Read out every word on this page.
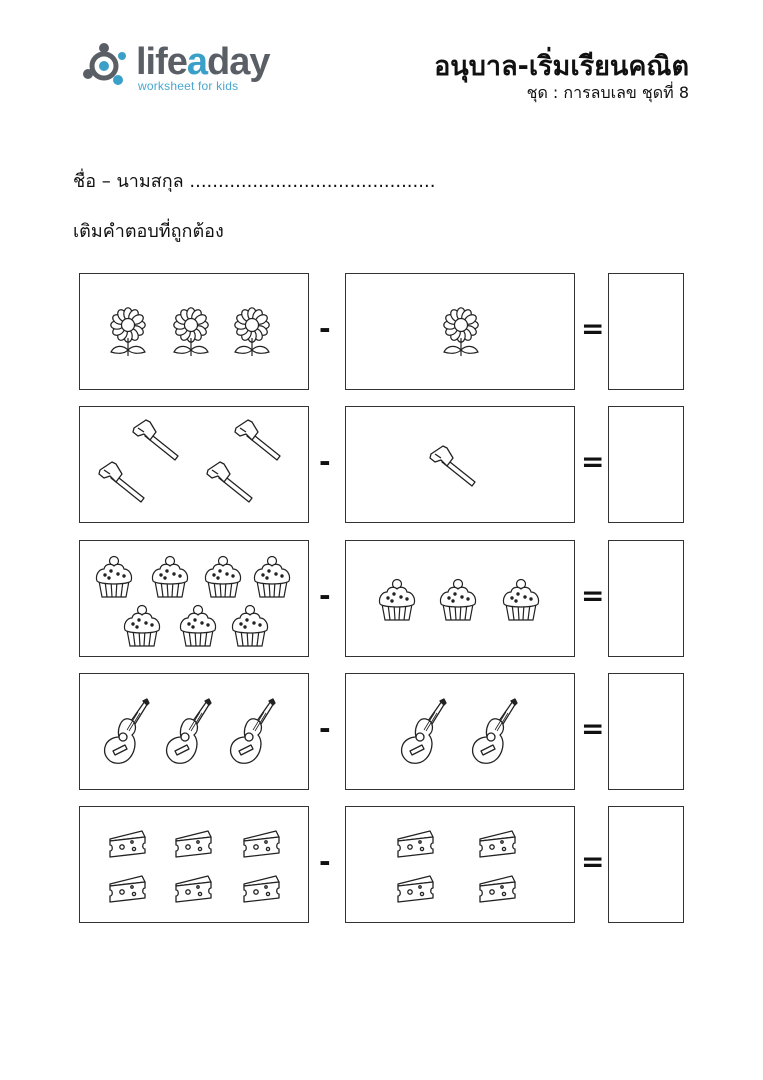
lifeaday
worksheet for kids
อนุบาล-เริ่มเรียนคณิต
ชุด : การลบเลข ชุดที่ 8
ชื่อ – นามสกุล ...........................................
เติมคำตอบที่ถูกต้อง
-	=
-	=
-	=
-	=
-	=
